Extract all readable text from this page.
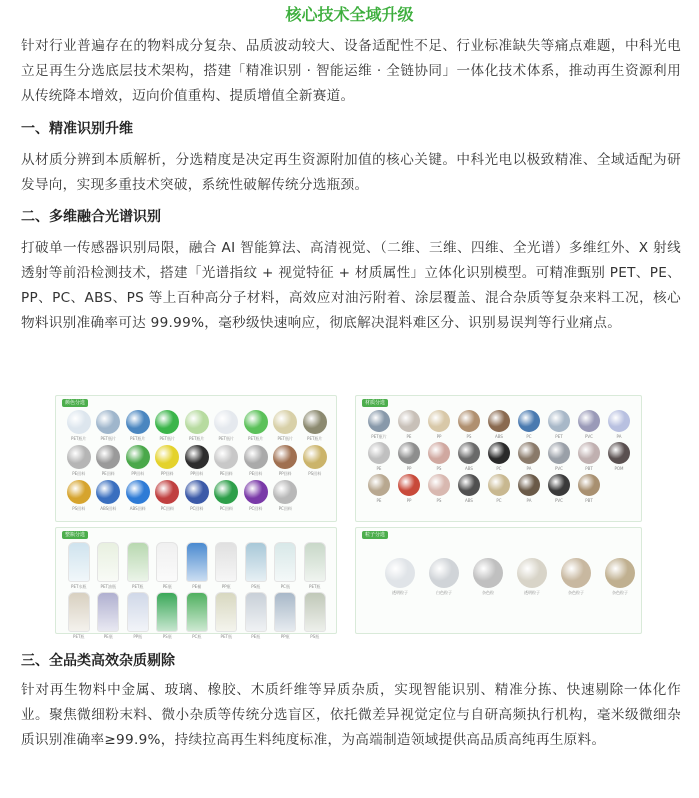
核心技术全域升级
针对行业普遍存在的物料成分复杂、品质波动较大、设备适配性不足、行业标准缺失等痛点难题，中科光电立足再生分选底层技术架构，搭建「精准识别 · 智能运维 · 全链协同」一体化技术体系，推动再生资源利用从传统降本增效，迈向价值重构、提质增值全新赛道。
一、精准识别升维
从材质分辨到本质解析，分选精度是决定再生资源附加值的核心关键。中科光电以极致精准、全域适配为研发导向，实现多重技术突破，系统性破解传统分选瓶颈。
二、多维融合光谱识别
打破单一传感器识别局限，融合 AI 智能算法、高清视觉、（二维、三维、四维、全光谱）多维红外、X 射线透射等前沿检测技术，搭建「光谱指纹 + 视觉特征 + 材质属性」立体化识别模型。可精准甄别 PET、PE、PP、PC、ABS、PS 等上百种高分子材料，高效应对油污附着、涂层覆盖、混合杂质等复杂来料工况，核心物料识别准确率可达 99.99%，毫秒级快速响应，彻底解决混料难区分、识别易误判等行业痛点。
颜色分选
PET瓶片	PET瓶片	PET瓶片	PET瓶片	PET瓶片	PET瓶片	PET瓶片	PET瓶片	PET瓶片
PE回料	PE回料	PP回料	PP回料	PP回料	PE回料	PE回料	PP回料	PS回料
PS回料	ABS回料	ABS回料	PC回料	PC回料	PC回料	PC回料	PC回料
材质分选
PET瓶片	PE	PP	PS	ABS	PC	PET	PVC	PA
PE	PP	PS	ABS	PC	PA	PVC	PBT	POM
PE	PP	PS	ABS	PC	PA	PVC	PBT
整瓶分选
PET水瓶	PET油瓶	PET瓶	PE瓶	PE桶	PP瓶	PS瓶	PC瓶	PET瓶
PET瓶	PE瓶	PP瓶	PS瓶	PC瓶	PET瓶	PE瓶	PP瓶	PS瓶
粒子分选
透明粒子	白色粒子	杂色粒	透明粒子	杂色粒子	杂色粒子
三、全品类高效杂质剔除
针对再生物料中金属、玻璃、橡胶、木质纤维等异质杂质，实现智能识别、精准分拣、快速剔除一体化作业。聚焦微细粉末料、微小杂质等传统分选盲区，依托微差异视觉定位与自研高频执行机构，毫米级微细杂质识别准确率≥99.9%，持续拉高再生料纯度标准，为高端制造领域提供高品质高纯再生原料。
